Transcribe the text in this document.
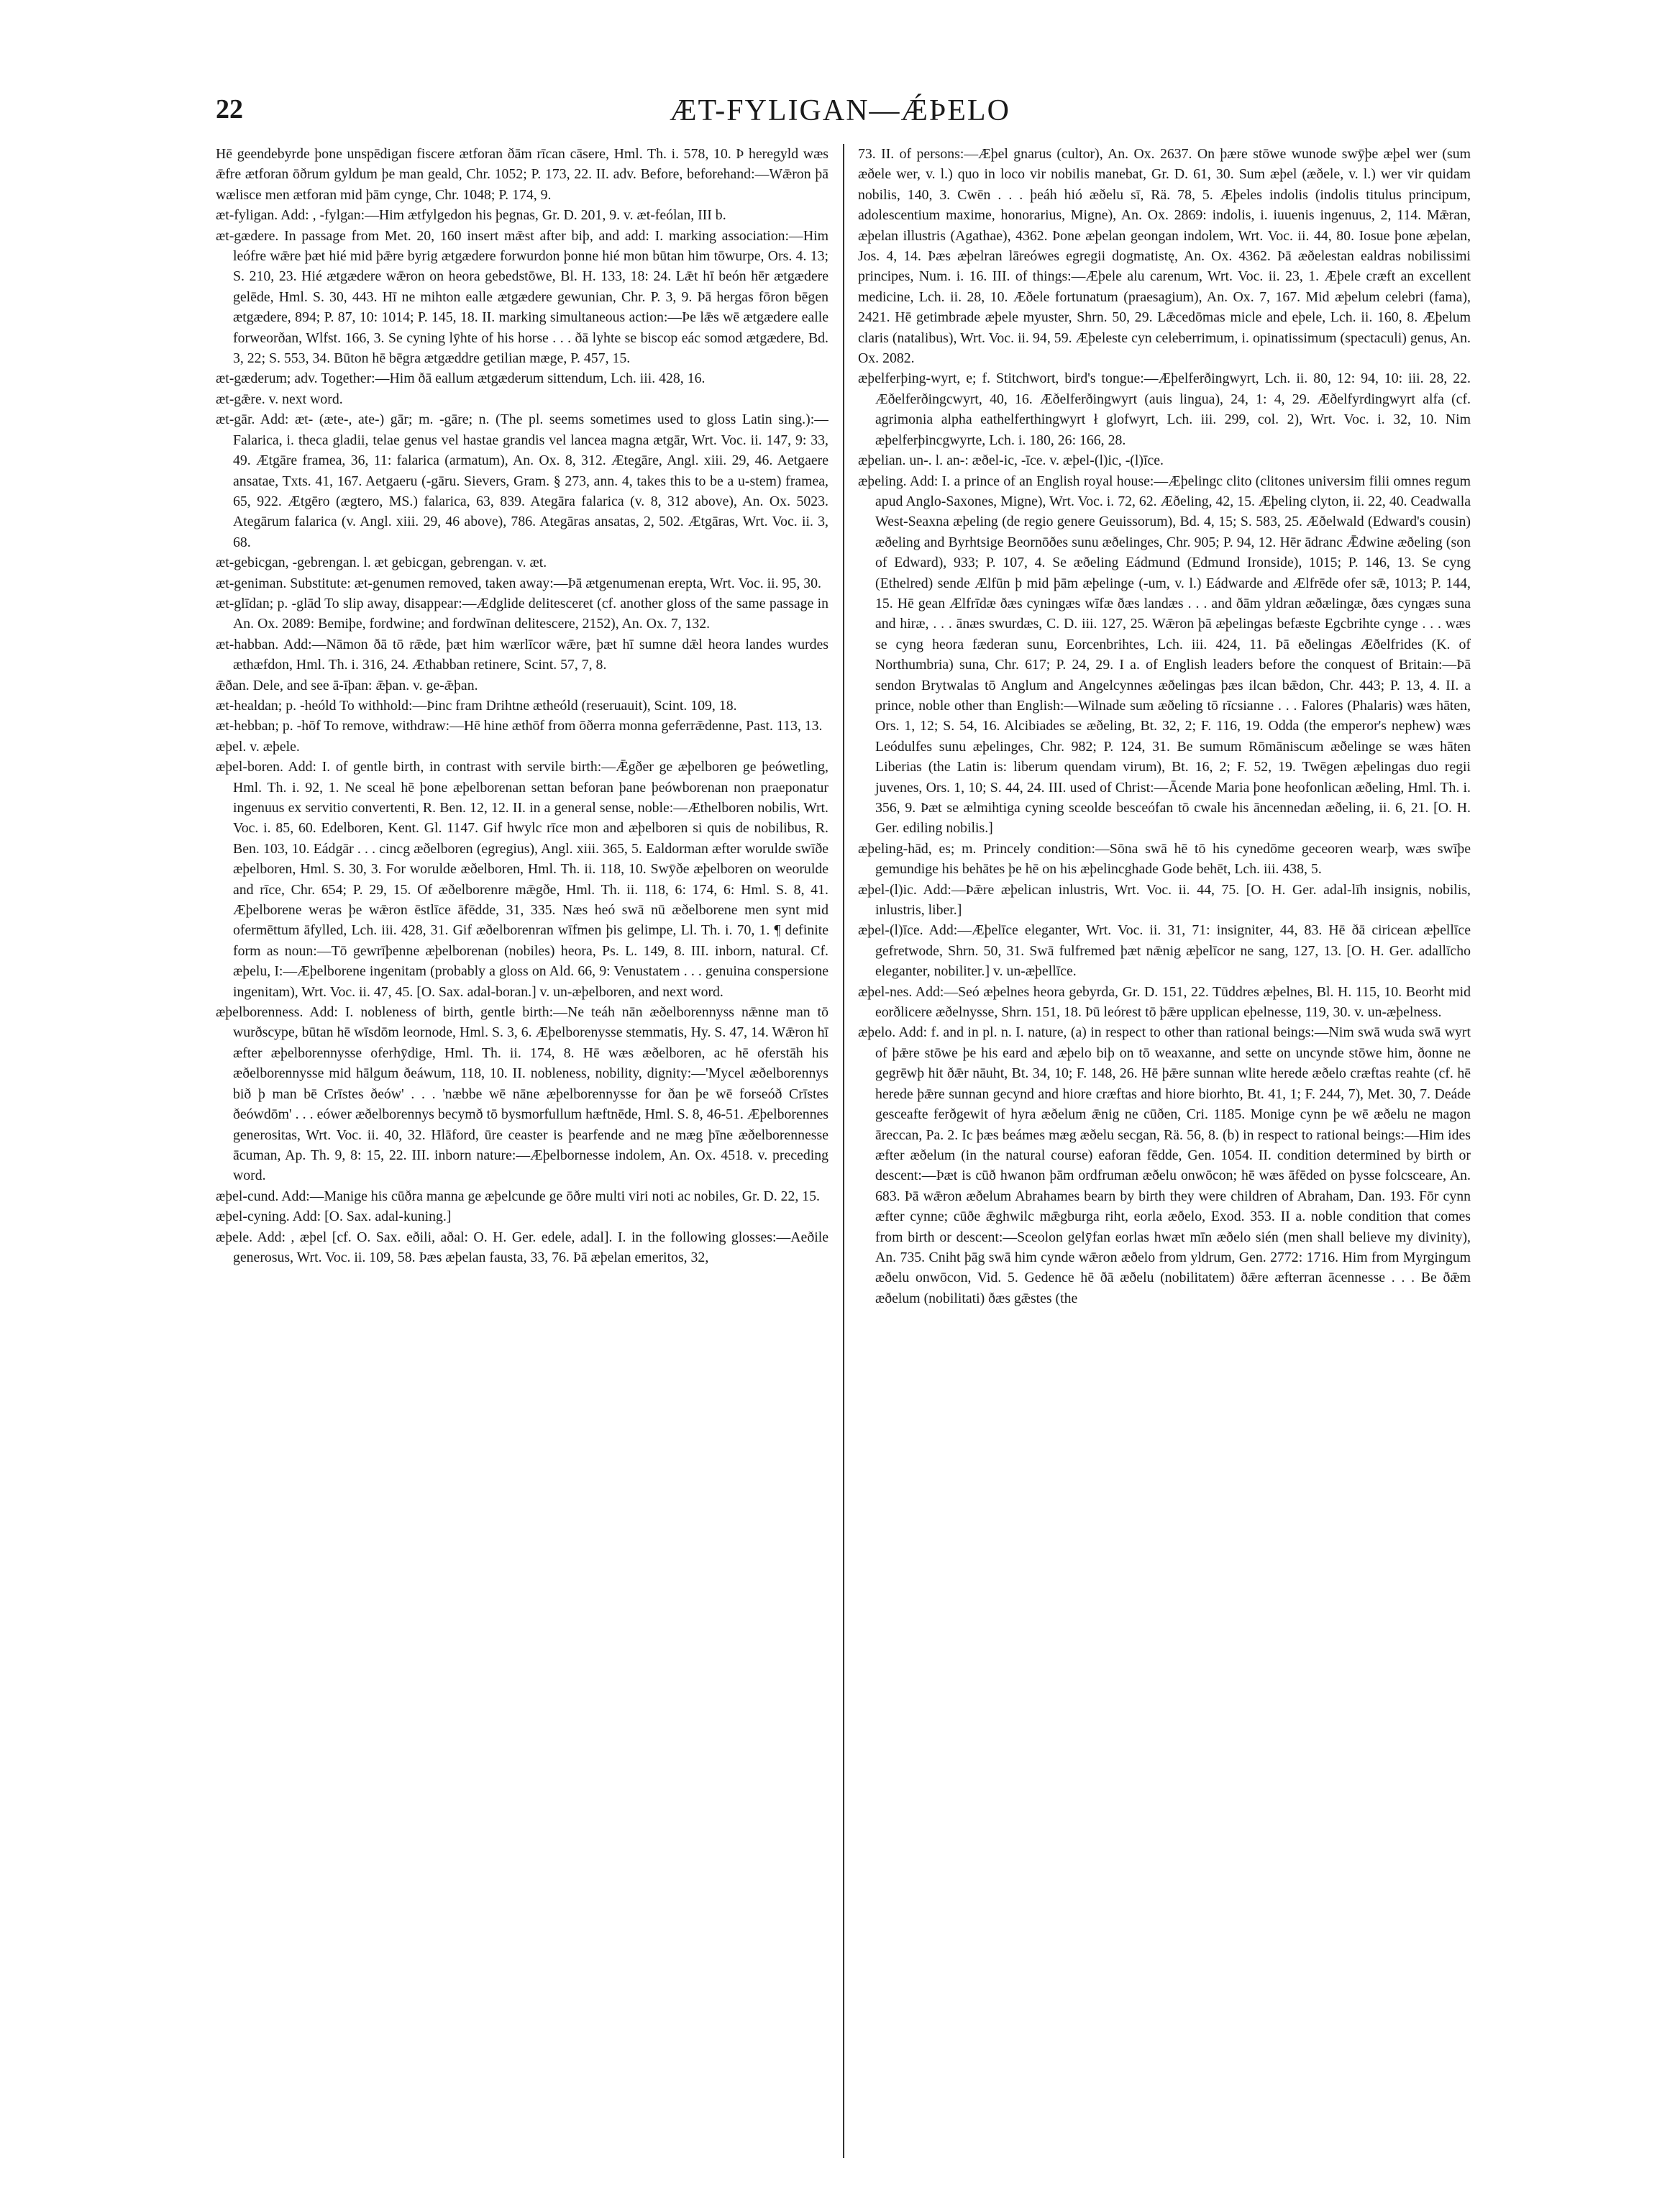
22	ÆT-FYLIGAN—ǼÞELO

Hē geendebyrde þone unspēdigan fiscere ætforan ðām rīcan cāsere, Hml. Th. i. 578, 10. Þ heregyld wæs ǣfre ætforan ōðrum gyldum þe man geald, Chr. 1052; P. 173, 22. II. adv. Before, beforehand:—Wǣron þā wælisce men ætforan mid þām cynge, Chr. 1048; P. 174, 9.

æt-fyligan. Add: , -fylgan:—Him ætfylgedon his þegnas, Gr. D. 201, 9. v. æt-feólan, III b.

æt-gædere. In passage from Met. 20, 160 insert mǣst after biþ, and add: I. marking association:—Him leófre wǣre þæt hié mid þǣre byrig ætgædere forwurdon þonne hié mon būtan him tōwurpe, Ors. 4. 13; S. 210, 23. Hié ætgædere wǣron on heora gebedstōwe, Bl. H. 133, 18: 24. Lǣt hī beón hēr ætgædere gelēde, Hml. S. 30, 443. Hī ne mihton ealle ætgædere gewunian, Chr. P. 3, 9. Þā hergas fōron bēgen ætgædere, 894; P. 87, 10: 1014; P. 145, 18. II. marking simultaneous action:—Þe lǣs wē ætgædere ealle forweorðan, Wlfst. 166, 3. Se cyning lȳhte of his horse . . . ðā lyhte se biscop eác somod ætgædere, Bd. 3, 22; S. 553, 34. Būton hē bēgra ætgæddre getilian mæge, P. 457, 15.

æt-gæderum; adv. Together:—Him ðā eallum ætgæderum sittendum, Lch. iii. 428, 16.

æt-gǣre. v. next word.

æt-gār. Add: æt- (æte-, ate-) gār; m. -gāre; n. (The pl. seems sometimes used to gloss Latin sing.):—Falarica, i. theca gladii, telae genus vel hastae grandis vel lancea magna ætgār, Wrt. Voc. ii. 147, 9: 33, 49. Ætgāre framea, 36, 11: falarica (armatum), An. Ox. 8, 312. Ætegāre, Angl. xiii. 29, 46. Aetgaere ansatae, Txts. 41, 167. Aetgaeru (-gāru. Sievers, Gram. § 273, ann. 4, takes this to be a u-stem) framea, 65, 922. Ætgēro (ægtero, MS.) falarica, 63, 839. Ategāra falarica (v. 8, 312 above), An. Ox. 5023. Ategārum falarica (v. Angl. xiii. 29, 46 above), 786. Ategāras ansatas, 2, 502. Ætgāras, Wrt. Voc. ii. 3, 68.

æt-gebicgan, -gebrengan. l. æt gebicgan, gebrengan. v. æt.

æt-geniman. Substitute: æt-genumen removed, taken away:—Þā ætgenumenan erepta, Wrt. Voc. ii. 95, 30.

æt-glīdan; p. -glād To slip away, disappear:—Ædglide delitesceret (cf. another gloss of the same passage in An. Ox. 2089: Bemiþe, fordwine; and fordwīnan delitescere, 2152), An. Ox. 7, 132.

æt-habban. Add:—Nāmon ðā tō rǣde, þæt him wærlīcor wǣre, þæt hī sumne dǣl heora landes wurdes æthæfdon, Hml. Th. i. 316, 24. Æthabban retinere, Scint. 57, 7, 8.

ǣðan. Dele, and see ā-īþan: ǣþan. v. ge-ǣþan.

æt-healdan; p. -heóld To withhold:—Þinc fram Drihtne ætheóld (reseruauit), Scint. 109, 18.

æt-hebban; p. -hōf To remove, withdraw:—Hē hine æthōf from ōðerra monna geferrǣdenne, Past. 113, 13.

æþel. v. æþele.

æþel-boren. Add: I. of gentle birth, in contrast with servile birth:—Ǣgðer ge æþelboren ge þeówetling, Hml. Th. i. 92, 1. Ne sceal hē þone æþelborenan settan beforan þane þeówborenan non praeponatur ingenuus ex servitio convertenti, R. Ben. 12, 12. II. in a general sense, noble:—Æthelboren nobilis, Wrt. Voc. i. 85, 60. Edelboren, Kent. Gl. 1147. Gif hwylc rīce mon and æþelboren si quis de nobilibus, R. Ben. 103, 10. Eádgār . . . cincg æðelboren (egregius), Angl. xiii. 365, 5. Ealdorman æfter worulde swīðe æþelboren, Hml. S. 30, 3. For worulde æðelboren, Hml. Th. ii. 118, 10. Swȳðe æþelboren on weorulde and rīce, Chr. 654; P. 29, 15. Of æðelborenre mǣgðe, Hml. Th. ii. 118, 6: 174, 6: Hml. S. 8, 41. Æþelborene weras þe wǣron ēstlīce āfēdde, 31, 335. Næs heó swā nū æðelborene men synt mid ofermēttum āfylled, Lch. iii. 428, 31. Gif æðelborenran wīfmen þis gelimpe, Ll. Th. i. 70, 1. ¶ definite form as noun:—Tō gewrīþenne æþelborenan (nobiles) heora, Ps. L. 149, 8. III. inborn, natural. Cf. æþelu, I:—Æþelborene ingenitam (probably a gloss on Ald. 66, 9: Venustatem . . . genuina conspersione ingenitam), Wrt. Voc. ii. 47, 45. [O. Sax. adal-boran.] v. un-æþelboren, and next word.

æþelborenness. Add: I. nobleness of birth, gentle birth:—Ne teáh nān æðelborennyss nǣnne man tō wurðscype, būtan hē wīsdōm leornode, Hml. S. 3, 6. Æþelborenysse stemmatis, Hy. S. 47, 14. Wǣron hī æfter æþelborennysse oferhȳdige, Hml. Th. ii. 174, 8. Hē wæs æðelboren, ac hē oferstāh his æðelborennysse mid hālgum ðeáwum, 118, 10. II. nobleness, nobility, dignity:—'Mycel æðelborennys bið þ man bē Crīstes ðeów' . . . 'næbbe wē nāne æþelborennysse for ðan þe wē forseóð Crīstes ðeówdōm' . . . eówer æðelborennys becymð tō bysmorfullum hæftnēde, Hml. S. 8, 46-51. Æþelborennes generositas, Wrt. Voc. ii. 40, 32. Hlāford, ūre ceaster is þearfende and ne mæg þīne æðelborennesse ācuman, Ap. Th. 9, 8: 15, 22. III. inborn nature:—Æþelbornesse indolem, An. Ox. 4518. v. preceding word.

æþel-cund. Add:—Manige his cūðra manna ge æþelcunde ge ōðre multi viri noti ac nobiles, Gr. D. 22, 15.

æþel-cyning. Add: [O. Sax. adal-kuning.]

æþele. Add: , æþel [cf. O. Sax. eðili, aðal: O. H. Ger. edele, adal]. I. in the following glosses:—Aeðile generosus, Wrt. Voc. ii. 109, 58. Þæs æþelan fausta, 33, 76. Þā æþelan emeritos, 32,

73. II. of persons:—Æþel gnarus (cultor), An. Ox. 2637. On þære stōwe wunode swȳþe æþel wer (sum æðele wer, v. l.) quo in loco vir nobilis manebat, Gr. D. 61, 30. Sum æþel (æðele, v. l.) wer vir quidam nobilis, 140, 3. Cwēn . . . þeáh hió æðelu sī, Rä. 78, 5. Æþeles indolis (indolis titulus principum, adolescentium maxime, honorarius, Migne), An. Ox. 2869: indolis, i. iuuenis ingenuus, 2, 114. Mǣran, æþelan illustris (Agathae), 4362. Þone æþelan geongan indolem, Wrt. Voc. ii. 44, 80. Iosue þone æþelan, Jos. 4, 14. Þæs æþelran lāreówes egregii dogmatistę, An. Ox. 4362. Þā æðelestan ealdras nobilissimi principes, Num. i. 16. III. of things:—Æþele alu carenum, Wrt. Voc. ii. 23, 1. Æþele cræft an excellent medicine, Lch. ii. 28, 10. Æðele fortunatum (praesagium), An. Ox. 7, 167. Mid æþelum celebri (fama), 2421. Hē getimbrade æþele myuster, Shrn. 50, 29. Lǣcedōmas micle and eþele, Lch. ii. 160, 8. Æþelum claris (natalibus), Wrt. Voc. ii. 94, 59. Æþeleste cyn celeberrimum, i. opinatissimum (spectaculi) genus, An. Ox. 2082.

æþelferþing-wyrt, e; f. Stitchwort, bird's tongue:—Æþelferðingwyrt, Lch. ii. 80, 12: 94, 10: iii. 28, 22. Æðelferðingcwyrt, 40, 16. Æðelferðingwyrt (auis lingua), 24, 1: 4, 29. Æðelfyrdingwyrt alfa (cf. agrimonia alpha eathelferthingwyrt ł glofwyrt, Lch. iii. 299, col. 2), Wrt. Voc. i. 32, 10. Nim æþelferþincgwyrte, Lch. i. 180, 26: 166, 28.

æþelian. un-. l. an-: æðel-ic, -īce. v. æþel-(l)ic, -(l)īce.

æþeling. Add: I. a prince of an English royal house:—Æþelingc clito (clitones universim filii omnes regum apud Anglo-Saxones, Migne), Wrt. Voc. i. 72, 62. Æðeling, 42, 15. Æþeling clyton, ii. 22, 40. Ceadwalla West-Seaxna æþeling (de regio genere Geuissorum), Bd. 4, 15; S. 583, 25. Æðelwald (Edward's cousin) æðeling and Byrhtsige Beornōðes sunu æðelinges, Chr. 905; P. 94, 12. Hēr ādranc Ǣdwine æðeling (son of Edward), 933; P. 107, 4. Se æðeling Eádmund (Edmund Ironside), 1015; P. 146, 13. Se cyng (Ethelred) sende Ælfūn þ mid þām æþelinge (-um, v. l.) Eádwarde and Ælfrēde ofer sǣ, 1013; P. 144, 15. Hē gean Ælfrīdæ ðæs cyningæs wīfæ ðæs landæs . . . and ðām yldran æðælingæ, ðæs cyngæs suna and hiræ, . . . ānæs swurdæs, C. D. iii. 127, 25. Wǣron þā æþelingas befæste Egcbrihte cynge . . . wæs se cyng heora fæderan sunu, Eorcenbrihtes, Lch. iii. 424, 11. Þā eðelingas Æðelfrides (K. of Northumbria) suna, Chr. 617; P. 24, 29. I a. of English leaders before the conquest of Britain:—Þā sendon Brytwalas tō Anglum and Angelcynnes æðelingas þæs ilcan bǣdon, Chr. 443; P. 13, 4. II. a prince, noble other than English:—Wilnade sum æðeling tō rīcsianne . . . Falores (Phalaris) wæs hāten, Ors. 1, 12; S. 54, 16. Alcibiades se æðeling, Bt. 32, 2; F. 116, 19. Odda (the emperor's nephew) wæs Leódulfes sunu æþelinges, Chr. 982; P. 124, 31. Be sumum Rōmāniscum æðelinge se wæs hāten Liberias (the Latin is: liberum quendam virum), Bt. 16, 2; F. 52, 19. Twēgen æþelingas duo regii juvenes, Ors. 1, 10; S. 44, 24. III. used of Christ:—Ācende Maria þone heofonlican æðeling, Hml. Th. i. 356, 9. Þæt se ælmihtiga cyning sceolde besceófan tō cwale his āncennedan æðeling, ii. 6, 21. [O. H. Ger. ediling nobilis.]

æþeling-hād, es; m. Princely condition:—Sōna swā hē tō his cynedōme geceoren wearþ, wæs swīþe gemundige his behātes þe hē on his æþelincghade Gode behēt, Lch. iii. 438, 5.

æþel-(l)ic. Add:—Þǣre æþelican inlustris, Wrt. Voc. ii. 44, 75. [O. H. Ger. adal-līh insignis, nobilis, inlustris, liber.]

æþel-(l)īce. Add:—Æþelīce eleganter, Wrt. Voc. ii. 31, 71: insigniter, 44, 83. Hē ðā ciricean æþellīce gefretwode, Shrn. 50, 31. Swā fulfremed þæt nǣnig æþelīcor ne sang, 127, 13. [O. H. Ger. adallīcho eleganter, nobiliter.] v. un-æþellīce.

æþel-nes. Add:—Seó æþelnes heora gebyrda, Gr. D. 151, 22. Tūddres æþelnes, Bl. H. 115, 10. Beorht mid eorðlicere æðelnysse, Shrn. 151, 18. Þū leórest tō þǣre upplican eþelnesse, 119, 30. v. un-æþelness.

æþelo. Add: f. and in pl. n. I. nature, (a) in respect to other than rational beings:—Nim swā wuda swā wyrt of þǣre stōwe þe his eard and æþelo biþ on tō weaxanne, and sette on uncynde stōwe him, ðonne ne gegrēwþ hit ðǣr nāuht, Bt. 34, 10; F. 148, 26. Hē þǣre sunnan wlite herede æðelo cræftas reahte (cf. hē herede þǣre sunnan gecynd and hiore cræftas and hiore biorhto, Bt. 41, 1; F. 244, 7), Met. 30, 7. Deáde gesceafte ferðgewit of hyra æðelum ǣnig ne cūðen, Cri. 1185. Monige cynn þe wē æðelu ne magon āreccan, Pa. 2. Ic þæs beámes mæg æðelu secgan, Rä. 56, 8. (b) in respect to rational beings:—Him ides æfter æðelum (in the natural course) eaforan fēdde, Gen. 1054. II. condition determined by birth or descent:—Þæt is cūð hwanon þām ordfruman æðelu onwōcon; hē wæs āfēded on þysse folcsceare, An. 683. Þā wǣron æðelum Abrahames bearn by birth they were children of Abraham, Dan. 193. Fōr cynn æfter cynne; cūðe ǣghwilc mǣgburga riht, eorla æðelo, Exod. 353. II a. noble condition that comes from birth or descent:—Sceolon gelȳfan eorlas hwæt mīn æðelo sién (men shall believe my divinity), An. 735. Cniht þāg swā him cynde wǣron æðelo from yldrum, Gen. 2772: 1716. Him from Myrgingum æðelu onwōcon, Vid. 5. Gedence hē ðā æðelu (nobilitatem) ðǣre æfterran ācennesse . . . Be ðǣm æðelum (nobilitati) ðæs gǣstes (the
